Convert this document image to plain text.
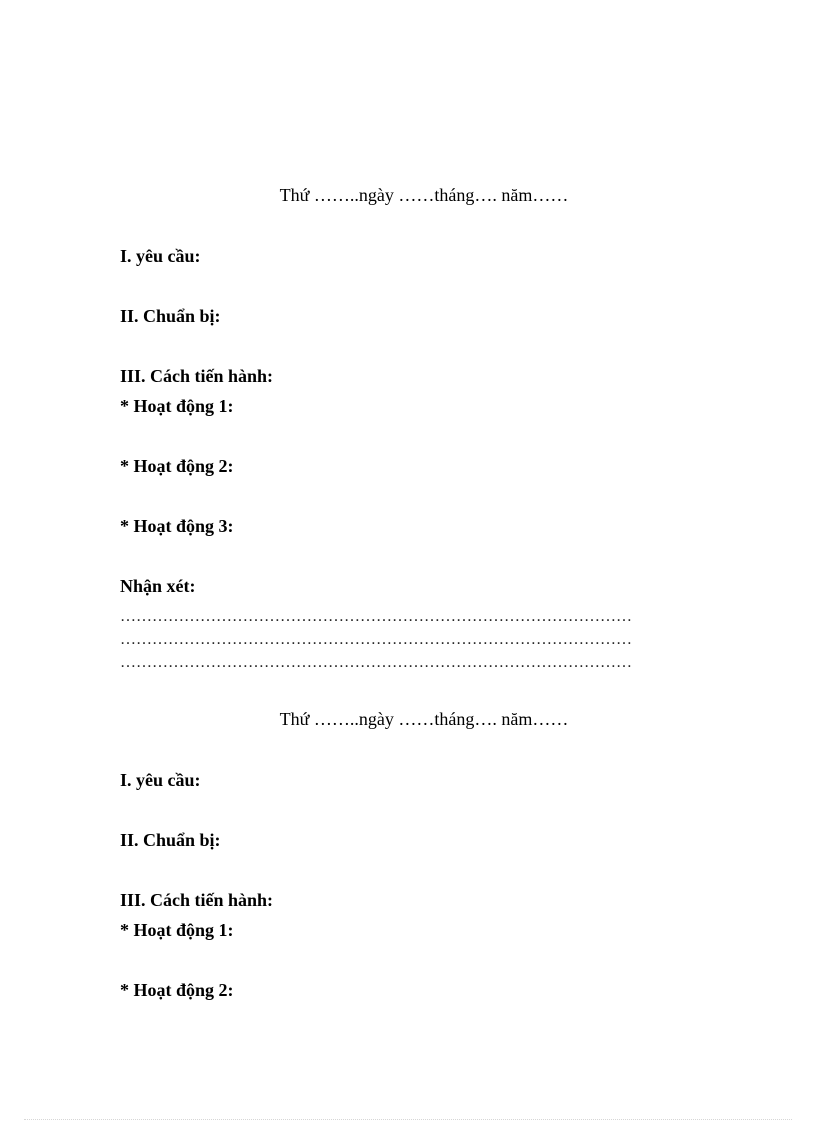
Thứ ……..ngày ……tháng…. năm……
I. yêu cầu:
II. Chuẩn bị:
III. Cách tiến hành:
* Hoạt động 1:
* Hoạt động 2:
* Hoạt động 3:
Nhận xét:
……………………………………………………………………………………
……………………………………………………………………………………
……………………………………………………………………………………
Thứ ……..ngày ……tháng…. năm……
I. yêu cầu:
II. Chuẩn bị:
III. Cách tiến hành:
* Hoạt động 1:
* Hoạt động 2:
